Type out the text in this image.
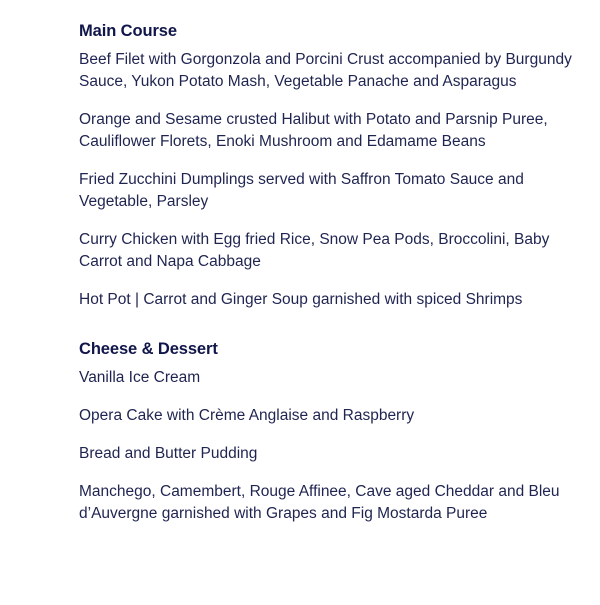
Main Course
Beef Filet with Gorgonzola and Porcini Crust accompanied by Burgundy Sauce, Yukon Potato Mash, Vegetable Panache and Asparagus
Orange and Sesame crusted Halibut with Potato and Parsnip Puree, Cauliflower Florets, Enoki Mushroom and Edamame Beans
Fried Zucchini Dumplings served with Saffron Tomato Sauce and Vegetable, Parsley
Curry Chicken with Egg fried Rice, Snow Pea Pods, Broccolini, Baby Carrot and Napa Cabbage
Hot Pot | Carrot and Ginger Soup garnished with spiced Shrimps
Cheese & Dessert
Vanilla Ice Cream
Opera Cake with Crème Anglaise and Raspberry
Bread and Butter Pudding
Manchego, Camembert, Rouge Affinee, Cave aged Cheddar and Bleu d’Auvergne garnished with Grapes and Fig Mostarda Puree
